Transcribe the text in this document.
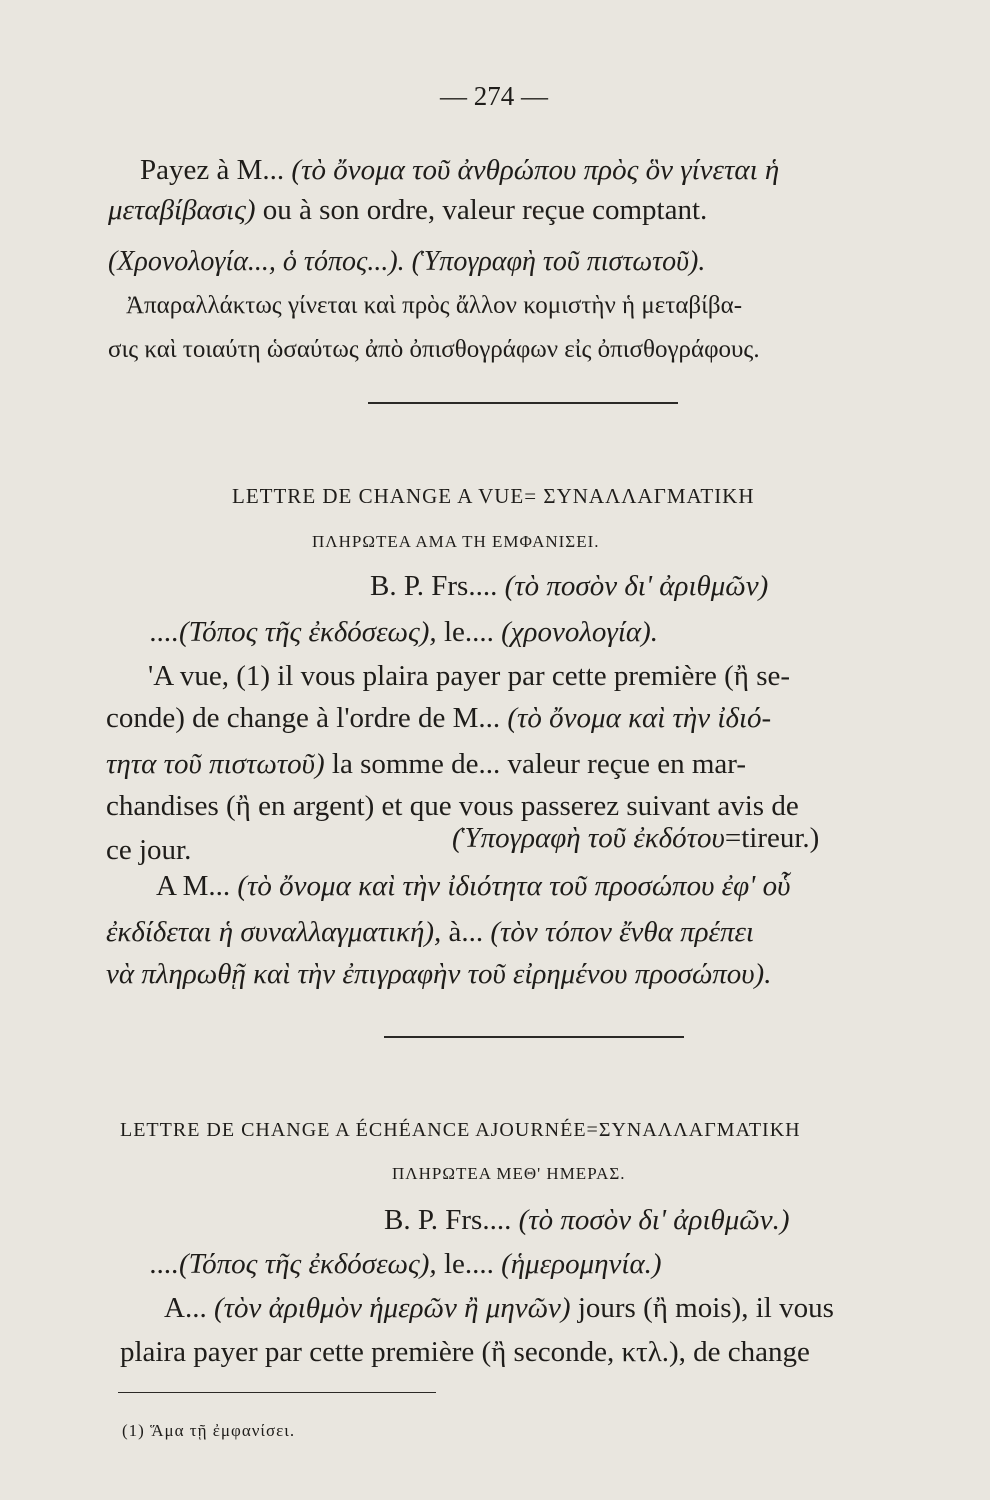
— 274 —
Payez à M... (τὸ ὄνομα τοῦ ἀνθρώπου πρὸς ὃν γίνεται ἡ
μεταβίβασις) ou à son ordre, valeur reçue comptant.
(Χρονολογία..., ὁ τόπος...). (Ὑπογραφὴ τοῦ πιστωτοῦ).
Ἀπαραλλάκτως γίνεται καὶ πρὸς ἄλλον κομιστὴν ἡ μεταβίβα-
σις καὶ τοιαύτη ὡσαύτως ἀπὸ ὀπισθογράφων εἰς ὀπισθογράφους.
LETTRE DE CHANGE A VUE= ΣΥΝΑΛΛΑΓΜΑΤΙΚΗ
ΠΛΗΡΩΤΕΑ ΑΜΑ ΤΗ ΕΜΦΑΝΙΣΕΙ.
B. P. Frs.... (τὸ ποσὸν δι' ἀριθμῶν)
....(Τόπος τῆς ἐκδόσεως), le.... (χρονολογία).
'A vue, (1) il vous plaira payer par cette première (ἢ se-
conde) de change à l'ordre de M... (τὸ ὄνομα καὶ τὴν ἰδιό-
τητα τοῦ πιστωτοῦ) la somme de... valeur reçue en mar-
chandises (ἢ en argent) et que vous passerez suivant avis de
ce jour.	(Ὑπογραφὴ τοῦ ἐκδότου=tireur.)
A M... (τὸ ὄνομα καὶ τὴν ἰδιότητα τοῦ προσώπου ἐφ' οὗ
ἐκδίδεται ἡ συναλλαγματική), à... (τὸν τόπον ἔνθα πρέπει
νὰ πληρωθῇ καὶ τὴν ἐπιγραφὴν τοῦ εἰρημένου προσώπου).
LETTRE DE CHANGE A ÉCHÉANCE AJOURNÉE=ΣΥΝΑΛΛΑΓΜΑΤΙΚΗ
ΠΛΗΡΩΤΕΑ ΜΕΘ' ΗΜΕΡΑΣ.
B. P. Frs.... (τὸ ποσὸν δι' ἀριθμῶν.)
....(Τόπος τῆς ἐκδόσεως), le.... (ἡμερομηνία.)
A... (τὸν ἀριθμὸν ἡμερῶν ἢ μηνῶν) jours (ἢ mois), il vous
plaira payer par cette première (ἢ seconde, κτλ.), de change
(1) Ἅμα τῇ ἐμφανίσει.
